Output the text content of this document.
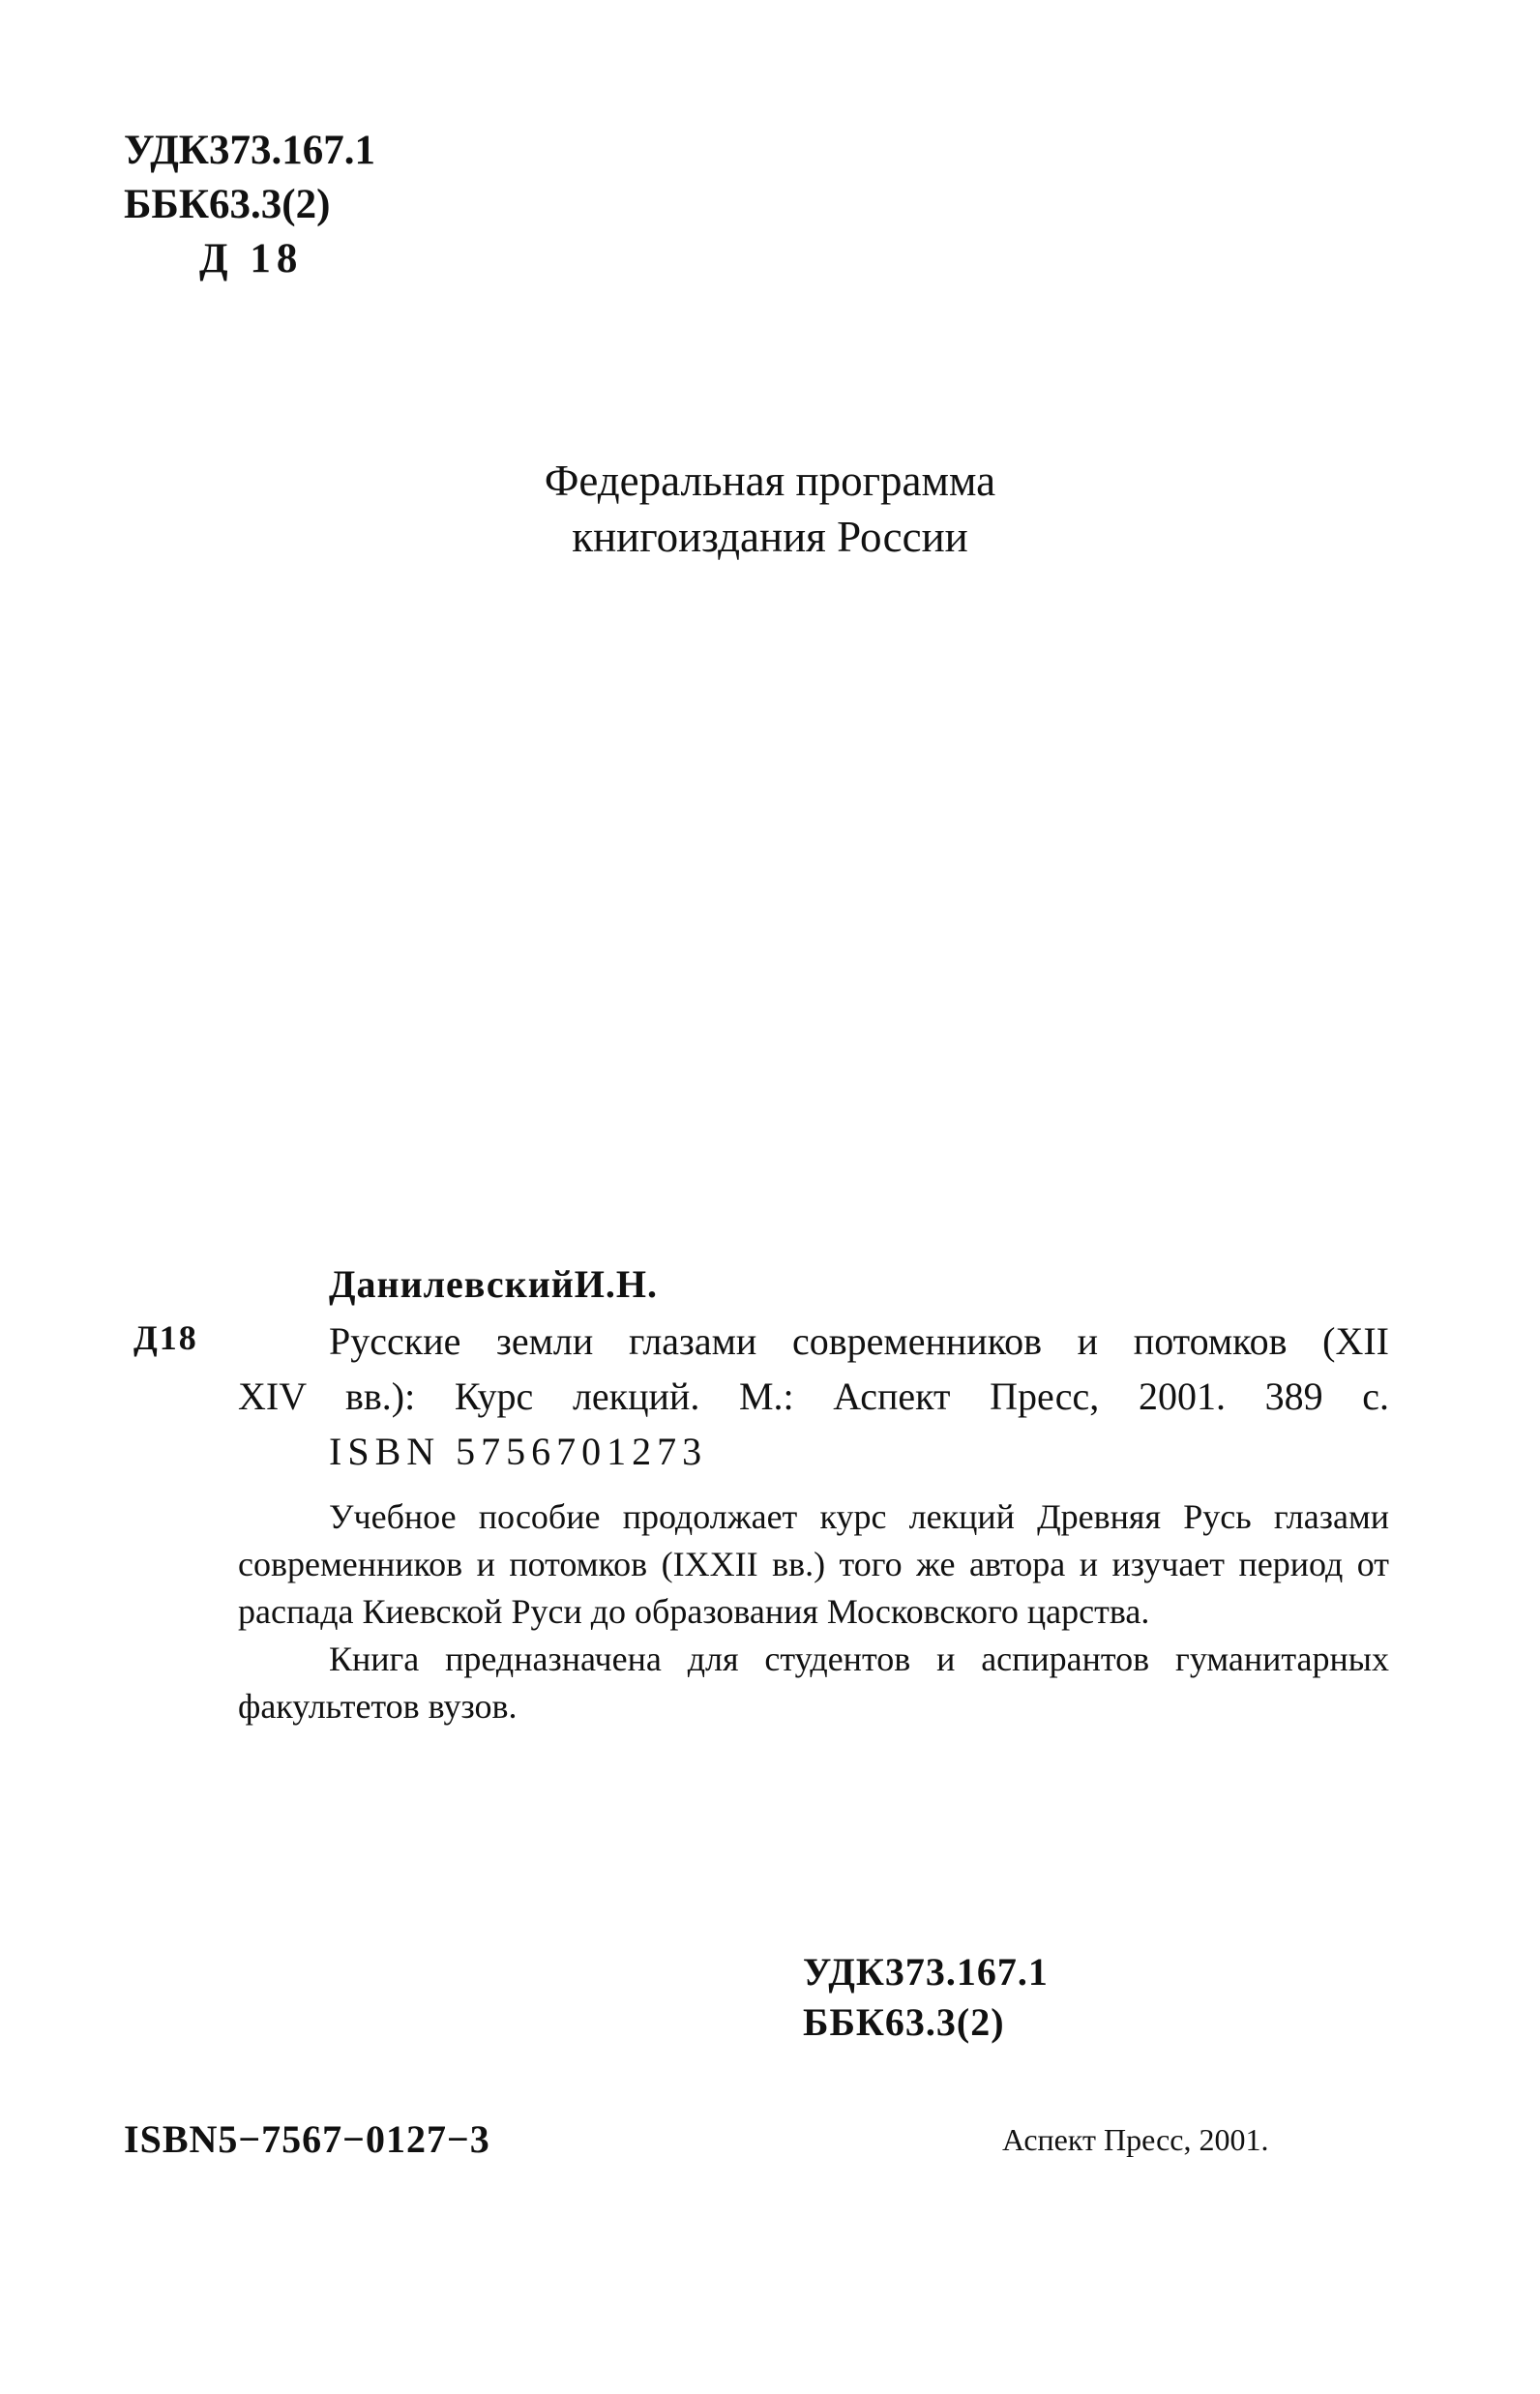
УДК373.167.1
ББК63.3(2)
Д 18
Федеральная программа
книгоиздания России
ДанилевскийИ.Н.
Д18	Русские земли глазами современников и потомков (XII
XIV вв.): Курс лекций. М.: Аспект Пресс, 2001. 389 с.
ISBN 5756701273

Учебное пособие продолжает курс лекций Древняя Русь глазами современников и потомков (IXXII вв.) того же автора и изучает период от распада Киевской Руси до образования Московского царства.

Книга предназначена для студентов и аспирантов гуманитарных факультетов вузов.

УДК373.167.1
ББК63.3(2)
ISBN5−7567−0127−3	Аспект Пресс, 2001.
